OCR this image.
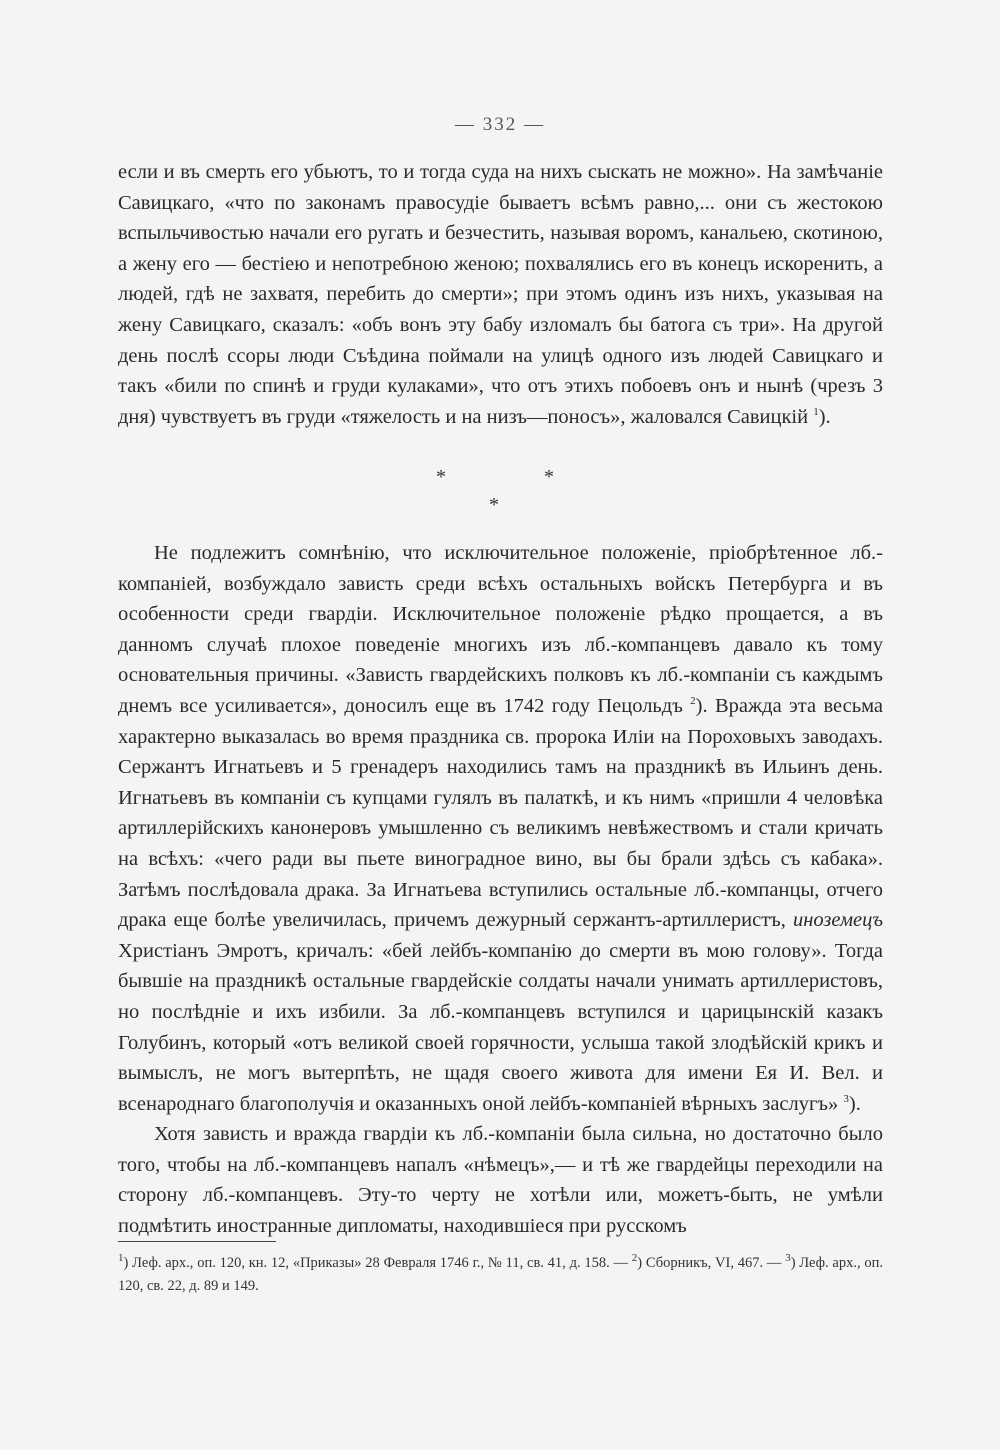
— 332 —

если и въ смерть его убьютъ, то и тогда суда на нихъ сыскать не можно». На замѣчаніе Савицкаго, «что по законамъ правосудіе бываетъ всѣмъ равно,... они съ жестокою вспыльчивостью начали его ругать и безчестить, называя воромъ, канальею, скотиною, а жену его — бестіею и непотребною женою; похвалялись его въ конецъ искоренить, а людей, гдѣ не захватя, перебить до смерти»; при этомъ одинъ изъ нихъ, указывая на жену Савицкаго, сказалъ: «объ вонъ эту бабу изломалъ бы батога съ три». На другой день послѣ ссоры люди Съѣдина поймали на улицѣ одного изъ людей Савицкаго и такъ «били по спинѣ и груди кулаками», что отъ этихъ побоевъ онъ и нынѣ (чрезъ 3 дня) чувствуетъ въ груди «тяжелость и на низъ—поносъ», жаловался Савицкій $^1$).

*	*
*

Не подлежитъ сомнѣнію, что исключительное положеніе, пріобрѣтенное лб.-компаніей, возбуждало зависть среди всѣхъ остальныхъ войскъ Петербурга и въ особенности среди гвардіи. Исключительное положеніе рѣдко прощается, а въ данномъ случаѣ плохое поведеніе многихъ изъ лб.-компанцевъ давало къ тому основательныя причины. «Зависть гвардейскихъ полковъ къ лб.-компаніи съ каждымъ днемъ все усиливается», доносилъ еще въ 1742 году Пецольдъ $^2$). Вражда эта весьма характерно выказалась во время праздника св. пророка Иліи на Пороховыхъ заводахъ. Сержантъ Игнатьевъ и 5 гренадеръ находились тамъ на праздникѣ въ Ильинъ день. Игнатьевъ въ компаніи съ купцами гулялъ въ палаткѣ, и къ нимъ «пришли 4 человѣка артиллерійскихъ канонеровъ умышленно съ великимъ невѣжествомъ и стали кричать на всѣхъ: «чего ради вы пьете виноградное вино, вы бы брали здѣсь съ кабака». Затѣмъ послѣдовала драка. За Игнатьева вступились остальные лб.-компанцы, отчего драка еще болѣе увеличилась, причемъ дежурный сержантъ-артиллеристъ, иноземецъ Христіанъ Эмротъ, кричалъ: «бей лейбъ-компанію до смерти въ мою голову». Тогда бывшіе на праздникѣ остальные гвардейскіе солдаты начали унимать артиллеристовъ, но послѣдніе и ихъ избили. За лб.-компанцевъ вступился и царицынскій казакъ Голубинъ, который «отъ великой своей горячности, услыша такой злодѣйскій крикъ и вымыслъ, не могъ вытерпѣть, не щадя своего живота для имени Ея И. Вел. и всенароднаго благополучія и оказанныхъ оной лейбъ-компаніей вѣрныхъ заслугъ» $^3$).

Хотя зависть и вражда гвардіи къ лб.-компаніи была сильна, но достаточно было того, чтобы на лб.-компанцевъ напалъ «нѣмецъ»,— и тѣ же гвардейцы переходили на сторону лб.-компанцевъ. Эту-то черту не хотѣли или, можетъ-быть, не умѣли подмѣтить иностранные дипломаты, находившіеся при русскомъ

$^1$) Леф. арх., оп. 120, кн. 12, «Приказы» 28 Февраля 1746 г., № 11, св. 41, д. 158. — $^2$) Сборникъ, VI, 467. — $^3$) Леф. арх., оп. 120, св. 22, д. 89 и 149.
